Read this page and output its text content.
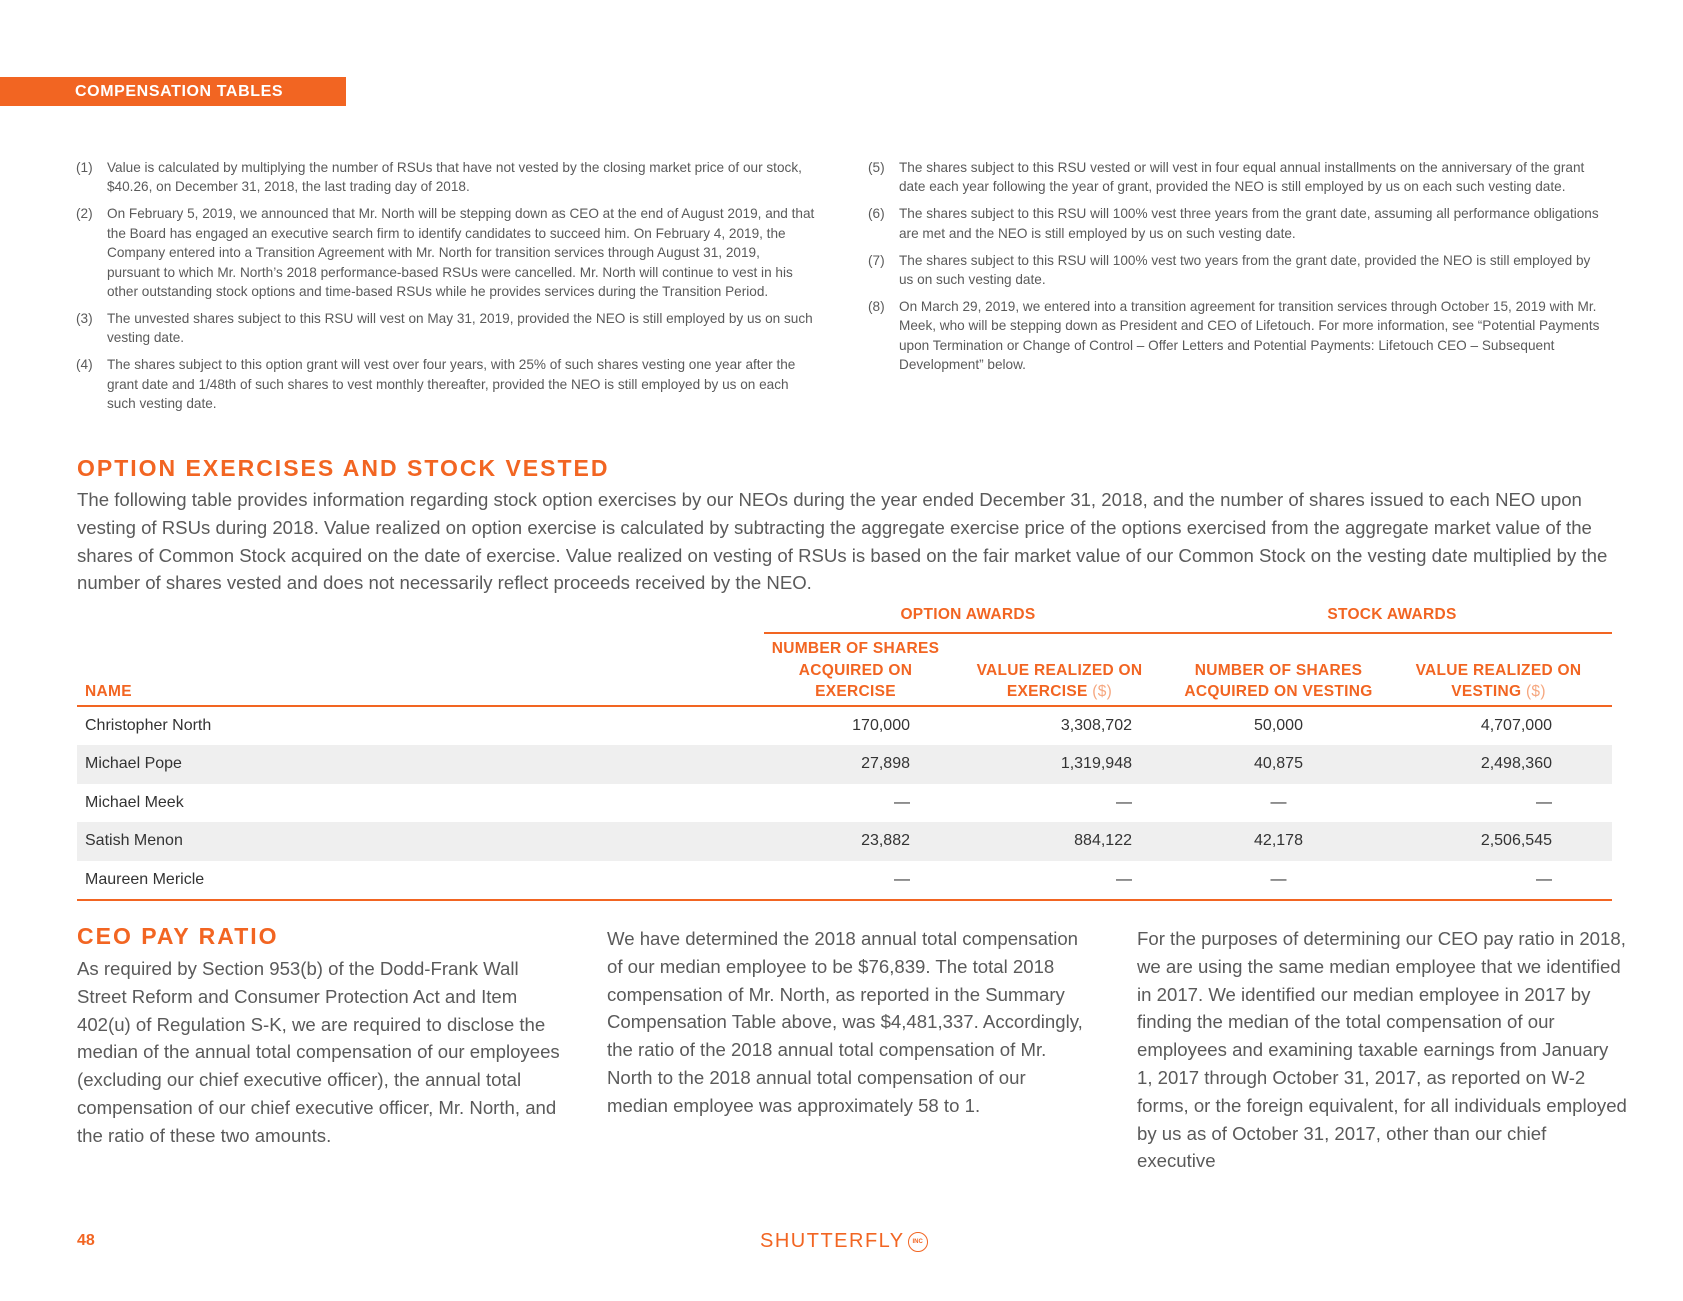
COMPENSATION TABLES
(1) Value is calculated by multiplying the number of RSUs that have not vested by the closing market price of our stock, $40.26, on December 31, 2018, the last trading day of 2018.
(2) On February 5, 2019, we announced that Mr. North will be stepping down as CEO at the end of August 2019, and that the Board has engaged an executive search firm to identify candidates to succeed him. On February 4, 2019, the Company entered into a Transition Agreement with Mr. North for transition services through August 31, 2019, pursuant to which Mr. North’s 2018 performance-based RSUs were cancelled. Mr. North will continue to vest in his other outstanding stock options and time-based RSUs while he provides services during the Transition Period.
(3) The unvested shares subject to this RSU will vest on May 31, 2019, provided the NEO is still employed by us on such vesting date.
(4) The shares subject to this option grant will vest over four years, with 25% of such shares vesting one year after the grant date and 1/48th of such shares to vest monthly thereafter, provided the NEO is still employed by us on each such vesting date.
(5) The shares subject to this RSU vested or will vest in four equal annual installments on the anniversary of the grant date each year following the year of grant, provided the NEO is still employed by us on each such vesting date.
(6) The shares subject to this RSU will 100% vest three years from the grant date, assuming all performance obligations are met and the NEO is still employed by us on such vesting date.
(7) The shares subject to this RSU will 100% vest two years from the grant date, provided the NEO is still employed by us on such vesting date.
(8) On March 29, 2019, we entered into a transition agreement for transition services through October 15, 2019 with Mr. Meek, who will be stepping down as President and CEO of Lifetouch. For more information, see “Potential Payments upon Termination or Change of Control – Offer Letters and Potential Payments: Lifetouch CEO – Subsequent Development” below.
OPTION EXERCISES AND STOCK VESTED

The following table provides information regarding stock option exercises by our NEOs during the year ended December 31, 2018, and the number of shares issued to each NEO upon vesting of RSUs during 2018. Value realized on option exercise is calculated by subtracting the aggregate exercise price of the options exercised from the aggregate market value of the shares of Common Stock acquired on the date of exercise. Value realized on vesting of RSUs is based on the fair market value of our Common Stock on the vesting date multiplied by the number of shares vested and does not necessarily reflect proceeds received by the NEO.

	OPTION AWARDS		STOCK AWARDS	
NAME	NUMBER OF SHARES ACQUIRED ON EXERCISE	VALUE REALIZED ON EXERCISE ($)	NUMBER OF SHARES ACQUIRED ON VESTING	VALUE REALIZED ON VESTING ($)
Christopher North	170,000	3,308,702	50,000	4,707,000
Michael Pope	27,898	1,319,948	40,875	2,498,360
Michael Meek	—	—	—	—
Satish Menon	23,882	884,122	42,178	2,506,545
Maureen Mericle	—	—	—	—
CEO PAY RATIO

As required by Section 953(b) of the Dodd-Frank Wall Street Reform and Consumer Protection Act and Item 402(u) of Regulation S-K, we are required to disclose the median of the annual total compensation of our employees (excluding our chief executive officer), the annual total compensation of our chief executive officer, Mr. North, and the ratio of these two amounts.

We have determined the 2018 annual total compensation of our median employee to be $76,839. The total 2018 compensation of Mr. North, as reported in the Summary Compensation Table above, was $4,481,337. Accordingly, the ratio of the 2018 annual total compensation of Mr. North to the 2018 annual total compensation of our median employee was approximately 58 to 1.

For the purposes of determining our CEO pay ratio in 2018, we are using the same median employee that we identified in 2017. We identified our median employee in 2017 by finding the median of the total compensation of our employees and examining taxable earnings from January 1, 2017 through October 31, 2017, as reported on W-2 forms, or the foreign equivalent, for all individuals employed by us as of October 31, 2017, other than our chief executive

48	SHUTTERFLY	INC
